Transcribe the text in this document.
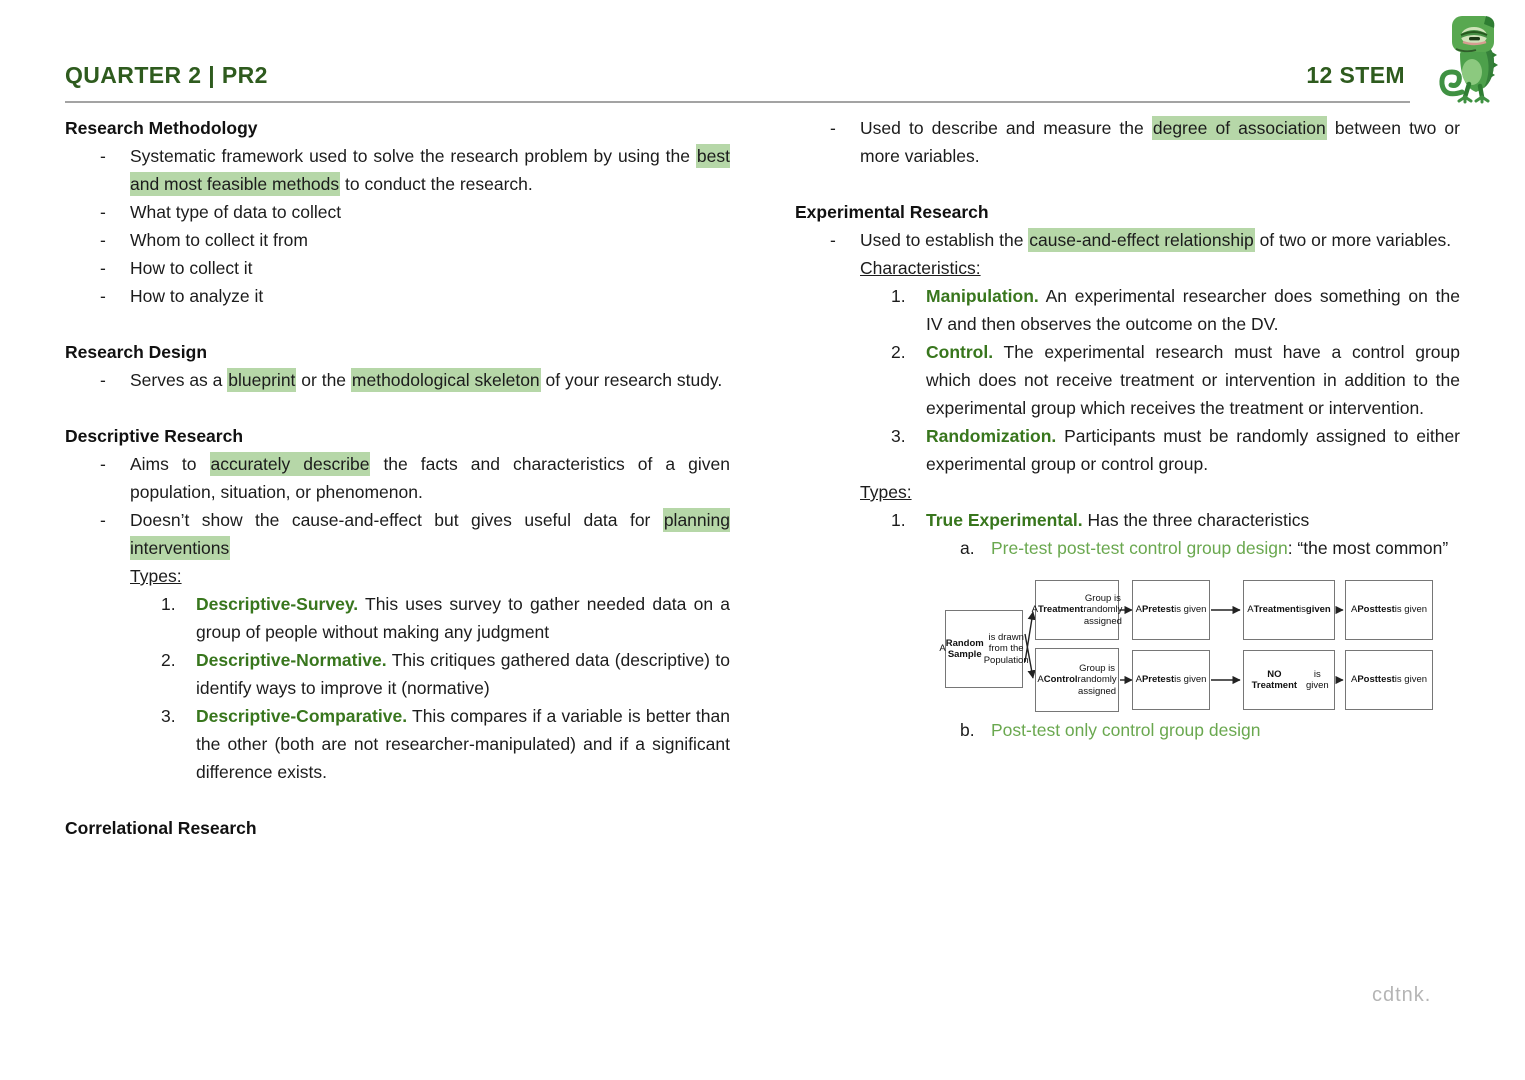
QUARTER 2 | PR2	12 STEM
Research Methodology
-	Systematic framework used to solve the research problem by using the best and most feasible methods to conduct the research.

-	What type of data to collect

-	Whom to collect it from

-	How to collect it

-	How to analyze it

Research Design
-	Serves as a blueprint or the methodological skeleton of your research study.

Descriptive Research
-	Aims to accurately describe the facts and characteristics of a given population, situation, or phenomenon.

-	Doesn’t show the cause-and-effect but gives useful data for planning interventions

Types:
1.	Descriptive-Survey. This uses survey to gather needed data on a group of people without making any judgment

2.	Descriptive-Normative. This critiques gathered data (descriptive) to identify ways to improve it (normative)

3.	Descriptive-Comparative. This compares if a variable is better than the other (both are not researcher-manipulated) and if a significant difference exists.

Correlational Research
-	Used to describe and measure the degree of association between two or more variables.

Experimental Research
-	Used to establish the cause-and-effect relationship of two or more variables.

Characteristics:
1.	Manipulation. An experimental researcher does something on the IV and then observes the outcome on the DV.

2.	Control. The experimental research must have a control group which does not receive treatment or intervention in addition to the experimental group which receives the treatment or intervention.

3.	Randomization. Participants must be randomly assigned to either experimental group or control group.

Types:
1.	True Experimental. Has the three characteristics

a. Pre-test post-test control group design: “the most common”

A
Random Sample
is drawn from the Population
A Treatment
Group is randomly assigned
A Pretest is given	A Treatment is given A Posttest is given
A Control
Group is randomly assigned
A Pretest is given
NO Treatment
is given
A Posttest is given
b. Post-test only control group design

cdtnk.
